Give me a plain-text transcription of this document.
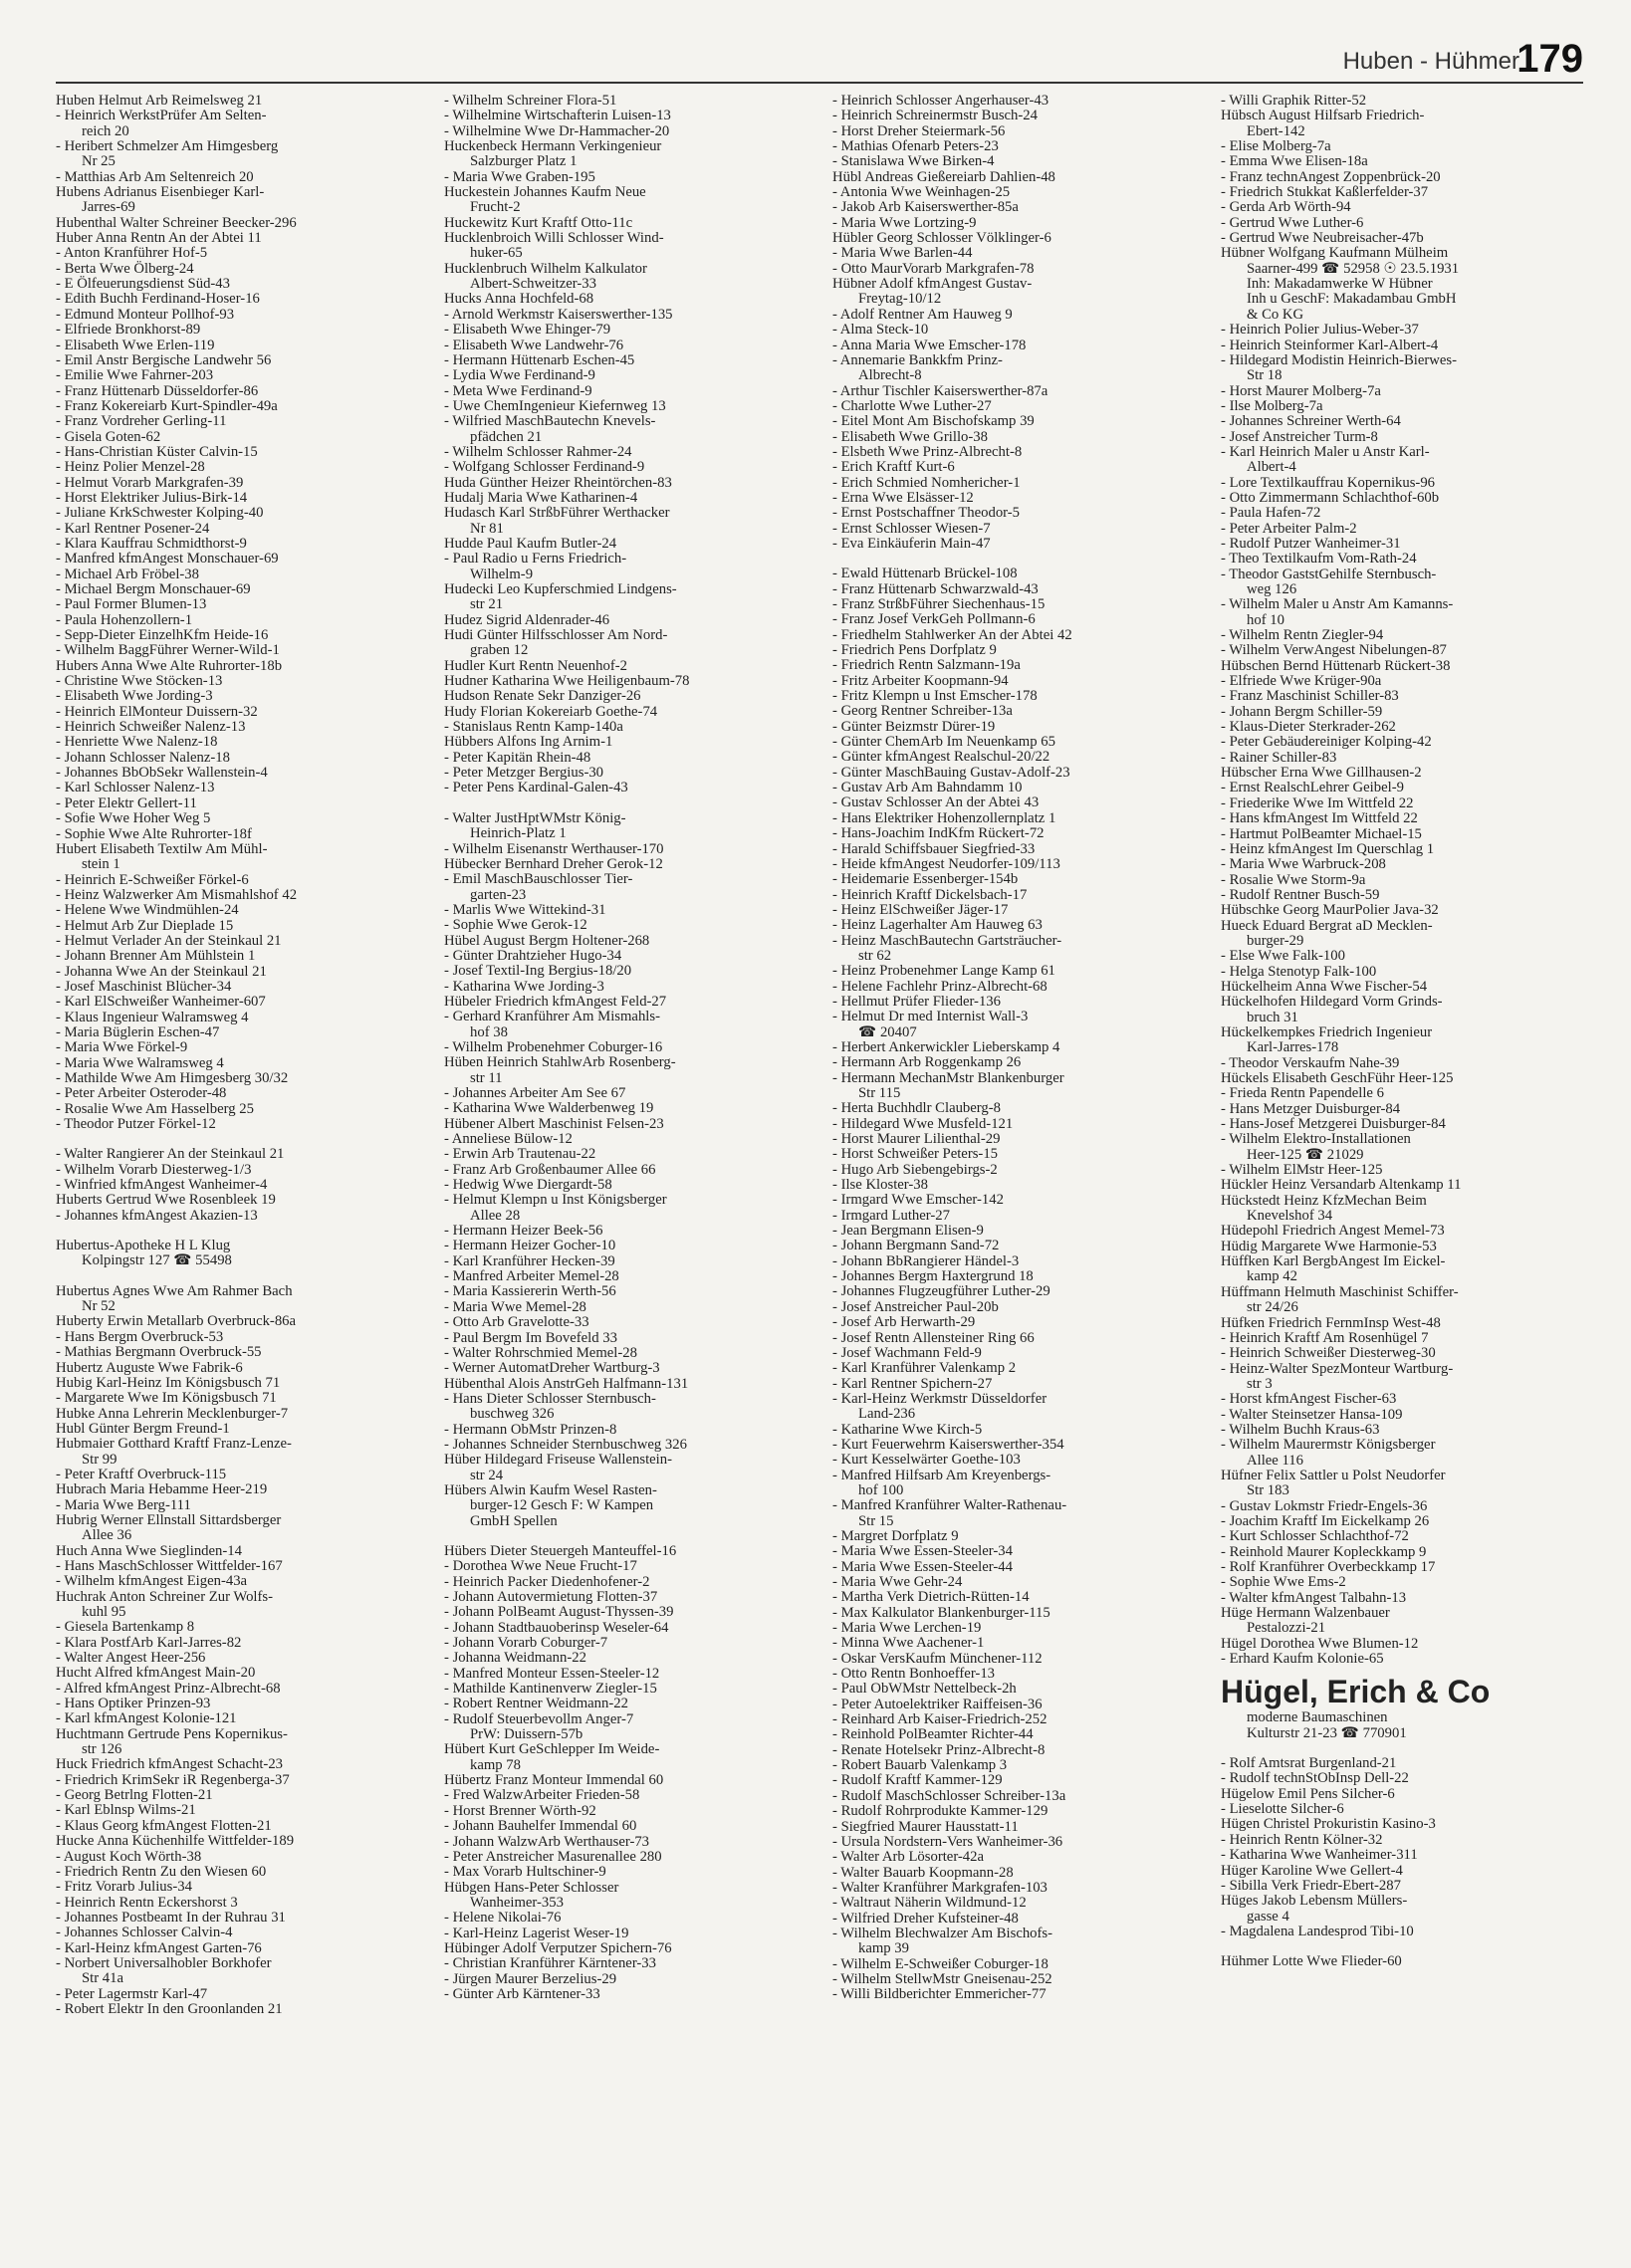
Huben - Hühmer
179
Huben Helmut Arb Reimelsweg 21
- Heinrich WerkstPrüfer Am Selten-
reich 20
- Heribert Schmelzer Am Himgesberg
Nr 25
- Matthias Arb Am Seltenreich 20
Hubens Adrianus Eisenbieger Karl-
Jarres-69
Hubenthal Walter Schreiner Beecker-296
Huber Anna Rentn An der Abtei 11
- Anton Kranführer Hof-5
- Berta Wwe Ölberg-24
- E Ölfeuerungsdienst Süd-43
- Edith Buchh Ferdinand-Hoser-16
- Edmund Monteur Pollhof-93
- Elfriede Bronkhorst-89
- Elisabeth Wwe Erlen-119
- Emil Anstr Bergische Landwehr 56
- Emilie Wwe Fahrner-203
- Franz Hüttenarb Düsseldorfer-86
- Franz Kokereiarb Kurt-Spindler-49a
- Franz Vordreher Gerling-11
- Gisela Goten-62
- Hans-Christian Küster Calvin-15
- Heinz Polier Menzel-28
- Helmut Vorarb Markgrafen-39
- Horst Elektriker Julius-Birk-14
- Juliane KrkSchwester Kolping-40
- Karl Rentner Posener-24
- Klara Kauffrau Schmidthorst-9
- Manfred kfmAngest Monschauer-69
- Michael Arb Fröbel-38
- Michael Bergm Monschauer-69
- Paul Former Blumen-13
- Paula Hohenzollern-1
- Sepp-Dieter EinzelhKfm Heide-16
- Wilhelm BaggFührer Werner-Wild-1
Hubers Anna Wwe Alte Ruhrorter-18b
- Christine Wwe Stöcken-13
- Elisabeth Wwe Jording-3
- Heinrich ElMonteur Duissern-32
- Heinrich Schweißer Nalenz-13
- Henriette Wwe Nalenz-18
- Johann Schlosser Nalenz-18
- Johannes BbObSekr Wallenstein-4
- Karl Schlosser Nalenz-13
- Peter Elektr Gellert-11
- Sofie Wwe Hoher Weg 5
- Sophie Wwe Alte Ruhrorter-18f
Hubert Elisabeth Textilw Am Mühl-
stein 1
- Heinrich E-Schweißer Förkel-6
- Heinz Walzwerker Am Mismahlshof 42
- Helene Wwe Windmühlen-24
- Helmut Arb Zur Dieplade 15
- Helmut Verlader An der Steinkaul 21
- Johann Brenner Am Mühlstein 1
- Johanna Wwe An der Steinkaul 21
- Josef Maschinist Blücher-34
- Karl ElSchweißer Wanheimer-607
- Klaus Ingenieur Walramsweg 4
- Maria Büglerin Eschen-47
- Maria Wwe Förkel-9
- Maria Wwe Walramsweg 4
- Mathilde Wwe Am Himgesberg 30/32
- Peter Arbeiter Osteroder-48
- Rosalie Wwe Am Hasselberg 25
- Theodor Putzer Förkel-12
- Walter Rangierer An der Steinkaul 21
- Wilhelm Vorarb Diesterweg-1/3
- Winfried kfmAngest Wanheimer-4
Huberts Gertrud Wwe Rosenbleek 19
- Johannes kfmAngest Akazien-13
Hubertus-Apotheke H L Klug
Kolpingstr 127 ☎ 55498
Hubertus Agnes Wwe Am Rahmer Bach
Nr 52
Huberty Erwin Metallarb Overbruck-86a
- Hans Bergm Overbruck-53
- Mathias Bergmann Overbruck-55
Hubertz Auguste Wwe Fabrik-6
Hubig Karl-Heinz Im Königsbusch 71
- Margarete Wwe Im Königsbusch 71
Hubke Anna Lehrerin Mecklenburger-7
Hubl Günter Bergm Freund-1
Hubmaier Gotthard Kraftf Franz-Lenze-
Str 99
- Peter Kraftf Overbruck-115
Hubrach Maria Hebamme Heer-219
- Maria Wwe Berg-111
Hubrig Werner Ellnstall Sittardsberger
Allee 36
Huch Anna Wwe Sieglinden-14
- Hans MaschSchlosser Wittfelder-167
- Wilhelm kfmAngest Eigen-43a
Huchrak Anton Schreiner Zur Wolfs-
kuhl 95
- Giesela Bartenkamp 8
- Klara PostfArb Karl-Jarres-82
- Walter Angest Heer-256
Hucht Alfred kfmAngest Main-20
- Alfred kfmAngest Prinz-Albrecht-68
- Hans Optiker Prinzen-93
- Karl kfmAngest Kolonie-121
Huchtmann Gertrude Pens Kopernikus-
str 126
Huck Friedrich kfmAngest Schacht-23
- Friedrich KrimSekr iR Regenberga-37
- Georg Betrlng Flotten-21
- Karl Eblnsp Wilms-21
- Klaus Georg kfmAngest Flotten-21
Hucke Anna Küchenhilfe Wittfelder-189
- August Koch Wörth-38
- Friedrich Rentn Zu den Wiesen 60
- Fritz Vorarb Julius-34
- Heinrich Rentn Eckershorst 3
- Johannes Postbeamt In der Ruhrau 31
- Johannes Schlosser Calvin-4
- Karl-Heinz kfmAngest Garten-76
- Norbert Universalhobler Borkhofer
Str 41a
- Peter Lagermstr Karl-47
- Robert Elektr In den Groonlanden 21
- Wilhelm Schreiner Flora-51
- Wilhelmine Wirtschafterin Luisen-13
- Wilhelmine Wwe Dr-Hammacher-20
Huckenbeck Hermann Verkingenieur
Salzburger Platz 1
- Maria Wwe Graben-195
Huckestein Johannes Kaufm Neue
Frucht-2
Huckewitz Kurt Kraftf Otto-11c
Hucklenbroich Willi Schlosser Wind-
huker-65
Hucklenbruch Wilhelm Kalkulator
Albert-Schweitzer-33
Hucks Anna Hochfeld-68
- Arnold Werkmstr Kaiserswerther-135
- Elisabeth Wwe Ehinger-79
- Elisabeth Wwe Landwehr-76
- Hermann Hüttenarb Eschen-45
- Lydia Wwe Ferdinand-9
- Meta Wwe Ferdinand-9
- Uwe ChemIngenieur Kiefernweg 13
- Wilfried MaschBautechn Knevels-
pfädchen 21
- Wilhelm Schlosser Rahmer-24
- Wolfgang Schlosser Ferdinand-9
Huda Günther Heizer Rheintörchen-83
Hudalj Maria Wwe Katharinen-4
Hudasch Karl StrßbFührer Werthacker
Nr 81
Hudde Paul Kaufm Butler-24
- Paul Radio u Ferns Friedrich-
Wilhelm-9
Hudecki Leo Kupferschmied Lindgens-
str 21
Hudez Sigrid Aldenrader-46
Hudi Günter Hilfsschlosser Am Nord-
graben 12
Hudler Kurt Rentn Neuenhof-2
Hudner Katharina Wwe Heiligenbaum-78
Hudson Renate Sekr Danziger-26
Hudy Florian Kokereiarb Goethe-74
- Stanislaus Rentn Kamp-140a
Hübbers Alfons Ing Arnim-1
- Peter Kapitän Rhein-48
- Peter Metzger Bergius-30
- Peter Pens Kardinal-Galen-43
- Walter JustHptWMstr König-
Heinrich-Platz 1
- Wilhelm Eisenanstr Werthauser-170
Hübecker Bernhard Dreher Gerok-12
- Emil MaschBauschlosser Tier-
garten-23
- Marlis Wwe Wittekind-31
- Sophie Wwe Gerok-12
Hübel August Bergm Holtener-268
- Günter Drahtzieher Hugo-34
- Josef Textil-Ing Bergius-18/20
- Katharina Wwe Jording-3
Hübeler Friedrich kfmAngest Feld-27
- Gerhard Kranführer Am Mismahls-
hof 38
- Wilhelm Probenehmer Coburger-16
Hüben Heinrich StahlwArb Rosenberg-
str 11
- Johannes Arbeiter Am See 67
- Katharina Wwe Walderbenweg 19
Hübener Albert Maschinist Felsen-23
- Anneliese Bülow-12
- Erwin Arb Trautenau-22
- Franz Arb Großenbaumer Allee 66
- Hedwig Wwe Diergardt-58
- Helmut Klempn u Inst Königsberger
Allee 28
- Hermann Heizer Beek-56
- Hermann Heizer Gocher-10
- Karl Kranführer Hecken-39
- Manfred Arbeiter Memel-28
- Maria Kassiererin Werth-56
- Maria Wwe Memel-28
- Otto Arb Gravelotte-33
- Paul Bergm Im Bovefeld 33
- Walter Rohrschmied Memel-28
- Werner AutomatDreher Wartburg-3
Hübenthal Alois AnstrGeh Halfmann-131
- Hans Dieter Schlosser Sternbusch-
buschweg 326
- Hermann ObMstr Prinzen-8
- Johannes Schneider Sternbuschweg 326
Hüber Hildegard Friseuse Wallenstein-
str 24
Hübers Alwin Kaufm Wesel Rasten-
burger-12 Gesch F: W Kampen
GmbH Spellen
Hübers Dieter Steuergeh Manteuffel-16
- Dorothea Wwe Neue Frucht-17
- Heinrich Packer Diedenhofener-2
- Johann Autovermietung Flotten-37
- Johann PolBeamt August-Thyssen-39
- Johann Stadtbauoberinsp Weseler-64
- Johann Vorarb Coburger-7
- Johanna Weidmann-22
- Manfred Monteur Essen-Steeler-12
- Mathilde Kantinenverw Ziegler-15
- Robert Rentner Weidmann-22
- Rudolf Steuerbevollm Anger-7
PrW: Duissern-57b
Hübert Kurt GeSchlepper Im Weide-
kamp 78
Hübertz Franz Monteur Immendal 60
- Fred WalzwArbeiter Frieden-58
- Horst Brenner Wörth-92
- Johann Bauhelfer Immendal 60
- Johann WalzwArb Werthauser-73
- Peter Anstreicher Masurenallee 280
- Max Vorarb Hultschiner-9
Hübgen Hans-Peter Schlosser
Wanheimer-353
- Helene Nikolai-76
- Karl-Heinz Lagerist Weser-19
Hübinger Adolf Verputzer Spichern-76
- Christian Kranführer Kärntener-33
- Jürgen Maurer Berzelius-29
- Günter Arb Kärntener-33
- Heinrich Schlosser Angerhauser-43
- Heinrich Schreinermstr Busch-24
- Horst Dreher Steiermark-56
- Mathias Ofenarb Peters-23
- Stanislawa Wwe Birken-4
Hübl Andreas Gießereiarb Dahlien-48
- Antonia Wwe Weinhagen-25
- Jakob Arb Kaiserswerther-85a
- Maria Wwe Lortzing-9
Hübler Georg Schlosser Völklinger-6
- Maria Wwe Barlen-44
- Otto MaurVorarb Markgrafen-78
Hübner Adolf kfmAngest Gustav-
Freytag-10/12
- Adolf Rentner Am Hauweg 9
- Alma Steck-10
- Anna Maria Wwe Emscher-178
- Annemarie Bankkfm Prinz-
Albrecht-8
- Arthur Tischler Kaiserswerther-87a
- Charlotte Wwe Luther-27
- Eitel Mont Am Bischofskamp 39
- Elisabeth Wwe Grillo-38
- Elsbeth Wwe Prinz-Albrecht-8
- Erich Kraftf Kurt-6
- Erich Schmied Nomhericher-1
- Erna Wwe Elsässer-12
- Ernst Postschaffner Theodor-5
- Ernst Schlosser Wiesen-7
- Eva Einkäuferin Main-47
- Ewald Hüttenarb Brückel-108
- Franz Hüttenarb Schwarzwald-43
- Franz StrßbFührer Siechenhaus-15
- Franz Josef VerkGeh Pollmann-6
- Friedhelm Stahlwerker An der Abtei 42
- Friedrich Pens Dorfplatz 9
- Friedrich Rentn Salzmann-19a
- Fritz Arbeiter Koopmann-94
- Fritz Klempn u Inst Emscher-178
- Georg Rentner Schreiber-13a
- Günter Beizmstr Dürer-19
- Günter ChemArb Im Neuenkamp 65
- Günter kfmAngest Realschul-20/22
- Günter MaschBauing Gustav-Adolf-23
- Gustav Arb Am Bahndamm 10
- Gustav Schlosser An der Abtei 43
- Hans Elektriker Hohenzollernplatz 1
- Hans-Joachim IndKfm Rückert-72
- Harald Schiffsbauer Siegfried-33
- Heide kfmAngest Neudorfer-109/113
- Heidemarie Essenberger-154b
- Heinrich Kraftf Dickelsbach-17
- Heinz ElSchweißer Jäger-17
- Heinz Lagerhalter Am Hauweg 63
- Heinz MaschBautechn Gartsträucher-
str 62
- Heinz Probenehmer Lange Kamp 61
- Helene Fachlehr Prinz-Albrecht-68
- Hellmut Prüfer Flieder-136
- Helmut Dr med Internist Wall-3
☎ 20407
- Herbert Ankerwickler Lieberskamp 4
- Hermann Arb Roggenkamp 26
- Hermann MechanMstr Blankenburger
Str 115
- Herta Buchhdlr Clauberg-8
- Hildegard Wwe Musfeld-121
- Horst Maurer Lilienthal-29
- Horst Schweißer Peters-15
- Hugo Arb Siebengebirgs-2
- Ilse Kloster-38
- Irmgard Wwe Emscher-142
- Irmgard Luther-27
- Jean Bergmann Elisen-9
- Johann Bergmann Sand-72
- Johann BbRangierer Händel-3
- Johannes Bergm Haxtergrund 18
- Johannes Flugzeugführer Luther-29
- Josef Anstreicher Paul-20b
- Josef Arb Herwarth-29
- Josef Rentn Allensteiner Ring 66
- Josef Wachmann Feld-9
- Karl Kranführer Valenkamp 2
- Karl Rentner Spichern-27
- Karl-Heinz Werkmstr Düsseldorfer
Land-236
- Katharine Wwe Kirch-5
- Kurt Feuerwehrm Kaiserswerther-354
- Kurt Kesselwärter Goethe-103
- Manfred Hilfsarb Am Kreyenbergs-
hof 100
- Manfred Kranführer Walter-Rathenau-
Str 15
- Margret Dorfplatz 9
- Maria Wwe Essen-Steeler-34
- Maria Wwe Essen-Steeler-44
- Maria Wwe Gehr-24
- Martha Verk Dietrich-Rütten-14
- Max Kalkulator Blankenburger-115
- Maria Wwe Lerchen-19
- Minna Wwe Aachener-1
- Oskar VersKaufm Münchener-112
- Otto Rentn Bonhoeffer-13
- Paul ObWMstr Nettelbeck-2h
- Peter Autoelektriker Raiffeisen-36
- Reinhard Arb Kaiser-Friedrich-252
- Reinhold PolBeamter Richter-44
- Renate Hotelsekr Prinz-Albrecht-8
- Robert Bauarb Valenkamp 3
- Rudolf Kraftf Kammer-129
- Rudolf MaschSchlosser Schreiber-13a
- Rudolf Rohrprodukte Kammer-129
- Siegfried Maurer Hausstatt-11
- Ursula Nordstern-Vers Wanheimer-36
- Walter Arb Lösorter-42a
- Walter Bauarb Koopmann-28
- Walter Kranführer Markgrafen-103
- Waltraut Näherin Wildmund-12
- Wilfried Dreher Kufsteiner-48
- Wilhelm Blechwalzer Am Bischofs-
kamp 39
- Wilhelm E-Schweißer Coburger-18
- Wilhelm StellwMstr Gneisenau-252
- Willi Bildberichter Emmericher-77
- Willi Graphik Ritter-52
Hübsch August Hilfsarb Friedrich-
Ebert-142
- Elise Molberg-7a
- Emma Wwe Elisen-18a
- Franz technAngest Zoppenbrück-20
- Friedrich Stukkat Kaßlerfelder-37
- Gerda Arb Wörth-94
- Gertrud Wwe Luther-6
- Gertrud Wwe Neubreisacher-47b
Hübner Wolfgang Kaufmann Mülheim
Saarner-499 ☎ 52958 ☉ 23.5.1931
Inh: Makadamwerke W Hübner
Inh u GeschF: Makadambau GmbH
& Co KG
- Heinrich Polier Julius-Weber-37
- Heinrich Steinformer Karl-Albert-4
- Hildegard Modistin Heinrich-Bierwes-
Str 18
- Horst Maurer Molberg-7a
- Ilse Molberg-7a
- Johannes Schreiner Werth-64
- Josef Anstreicher Turm-8
- Karl Heinrich Maler u Anstr Karl-
Albert-4
- Lore Textilkauffrau Kopernikus-96
- Otto Zimmermann Schlachthof-60b
- Paula Hafen-72
- Peter Arbeiter Palm-2
- Rudolf Putzer Wanheimer-31
- Theo Textilkaufm Vom-Rath-24
- Theodor GaststGehilfe Sternbusch-
weg 126
- Wilhelm Maler u Anstr Am Kamanns-
hof 10
- Wilhelm Rentn Ziegler-94
- Wilhelm VerwAngest Nibelungen-87
Hübschen Bernd Hüttenarb Rückert-38
- Elfriede Wwe Krüger-90a
- Franz Maschinist Schiller-83
- Johann Bergm Schiller-59
- Klaus-Dieter Sterkrader-262
- Peter Gebäudereiniger Kolping-42
- Rainer Schiller-83
Hübscher Erna Wwe Gillhausen-2
- Ernst RealschLehrer Geibel-9
- Friederike Wwe Im Wittfeld 22
- Hans kfmAngest Im Wittfeld 22
- Hartmut PolBeamter Michael-15
- Heinz kfmAngest Im Querschlag 1
- Maria Wwe Warbruck-208
- Rosalie Wwe Storm-9a
- Rudolf Rentner Busch-59
Hübschke Georg MaurPolier Java-32
Hueck Eduard Bergrat aD Mecklen-
burger-29
- Else Wwe Falk-100
- Helga Stenotyp Falk-100
Hückelheim Anna Wwe Fischer-54
Hückelhofen Hildegard Vorm Grinds-
bruch 31
Hückelkempkes Friedrich Ingenieur
Karl-Jarres-178
- Theodor Verskaufm Nahe-39
Hückels Elisabeth GeschFühr Heer-125
- Frieda Rentn Papendelle 6
- Hans Metzger Duisburger-84
- Hans-Josef Metzgerei Duisburger-84
- Wilhelm Elektro-Installationen
Heer-125 ☎ 21029
- Wilhelm ElMstr Heer-125
Hückler Heinz Versandarb Altenkamp 11
Hückstedt Heinz KfzMechan Beim
Knevelshof 34
Hüdepohl Friedrich Angest Memel-73
Hüdig Margarete Wwe Harmonie-53
Hüffken Karl BergbAngest Im Eickel-
kamp 42
Hüffmann Helmuth Maschinist Schiffer-
str 24/26
Hüfken Friedrich FernmInsp West-48
- Heinrich Kraftf Am Rosenhügel 7
- Heinrich Schweißer Diesterweg-30
- Heinz-Walter SpezMonteur Wartburg-
str 3
- Horst kfmAngest Fischer-63
- Walter Steinsetzer Hansa-109
- Wilhelm Buchh Kraus-63
- Wilhelm Maurermstr Königsberger
Allee 116
Hüfner Felix Sattler u Polst Neudorfer
Str 183
- Gustav Lokmstr Friedr-Engels-36
- Joachim Kraftf Im Eickelkamp 26
- Kurt Schlosser Schlachthof-72
- Reinhold Maurer Kopleckkamp 9
- Rolf Kranführer Overbeckkamp 17
- Sophie Wwe Ems-2
- Walter kfmAngest Talbahn-13
Hüge Hermann Walzenbauer
Pestalozzi-21
Hügel Dorothea Wwe Blumen-12
- Erhard Kaufm Kolonie-65
Hügel, Erich & Co
moderne Baumaschinen
Kulturstr 21-23 ☎ 770901
- Rolf Amtsrat Burgenland-21
- Rudolf technStObInsp Dell-22
Hügelow Emil Pens Silcher-6
- Lieselotte Silcher-6
Hügen Christel Prokuristin Kasino-3
- Heinrich Rentn Kölner-32
- Katharina Wwe Wanheimer-311
Hüger Karoline Wwe Gellert-4
- Sibilla Verk Friedr-Ebert-287
Hüges Jakob Lebensm Müllers-
gasse 4
- Magdalena Landesprod Tibi-10
Hühmer Lotte Wwe Flieder-60
